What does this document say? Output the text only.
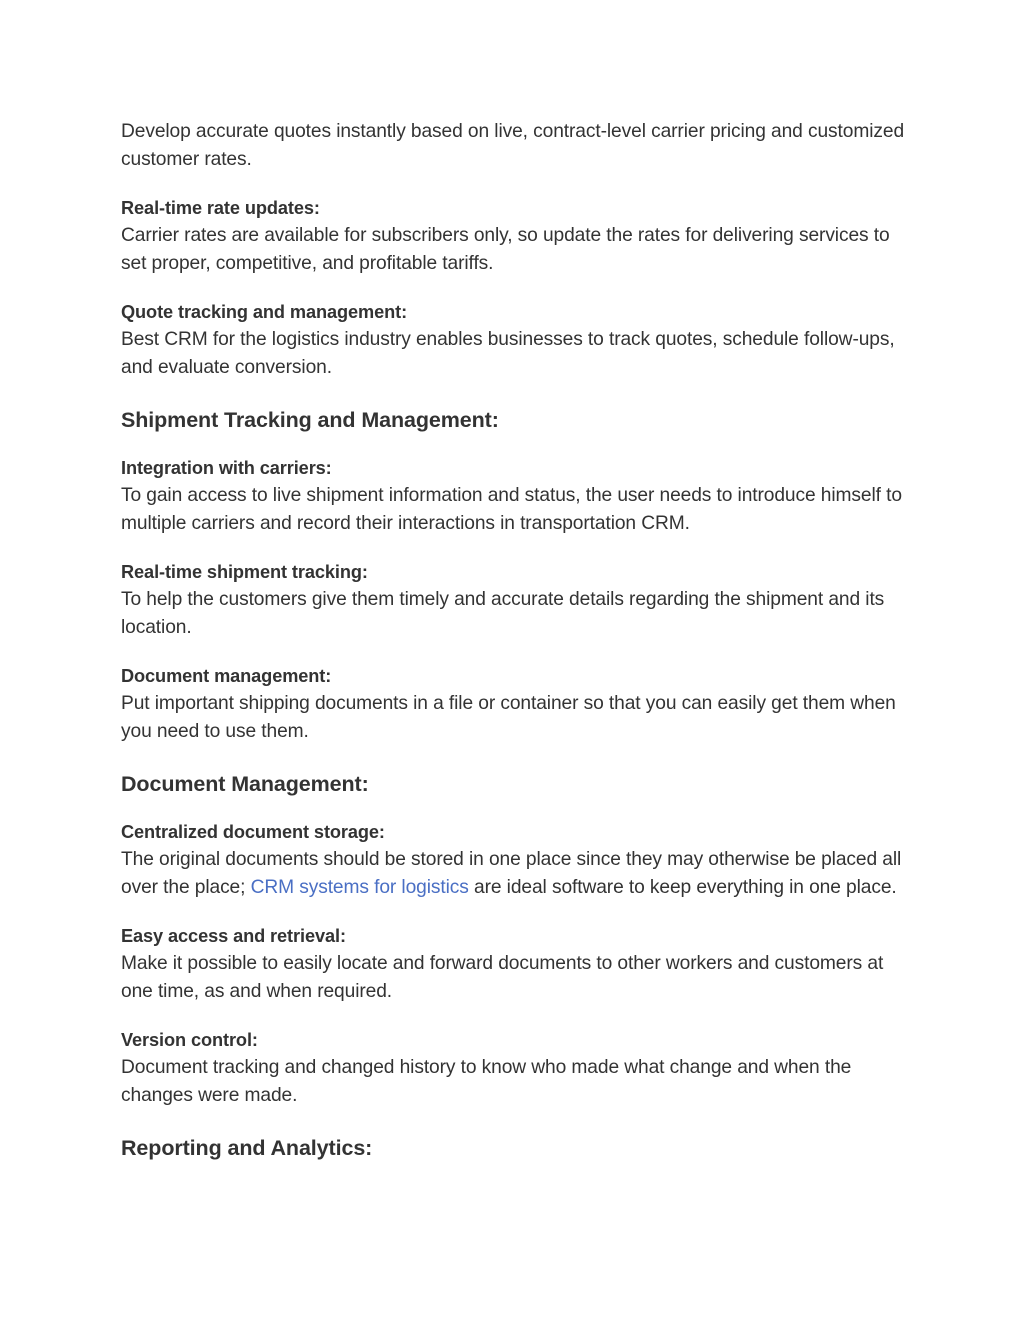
Develop accurate quotes instantly based on live, contract-level carrier pricing and customized customer rates.

Real-time rate updates:
Carrier rates are available for subscribers only, so update the rates for delivering services to set proper, competitive, and profitable tariffs.

Quote tracking and management:
Best CRM for the logistics industry enables businesses to track quotes, schedule follow-ups, and evaluate conversion.

Shipment Tracking and Management:

Integration with carriers:
To gain access to live shipment information and status, the user needs to introduce himself to multiple carriers and record their interactions in transportation CRM.

Real-time shipment tracking:
To help the customers give them timely and accurate details regarding the shipment and its location.

Document management:
Put important shipping documents in a file or container so that you can easily get them when you need to use them.

Document Management:

Centralized document storage:
The original documents should be stored in one place since they may otherwise be placed all over the place; CRM systems for logistics are ideal software to keep everything in one place.

Easy access and retrieval:
Make it possible to easily locate and forward documents to other workers and customers at one time, as and when required.

Version control:
Document tracking and changed history to know who made what change and when the changes were made.

Reporting and Analytics:
